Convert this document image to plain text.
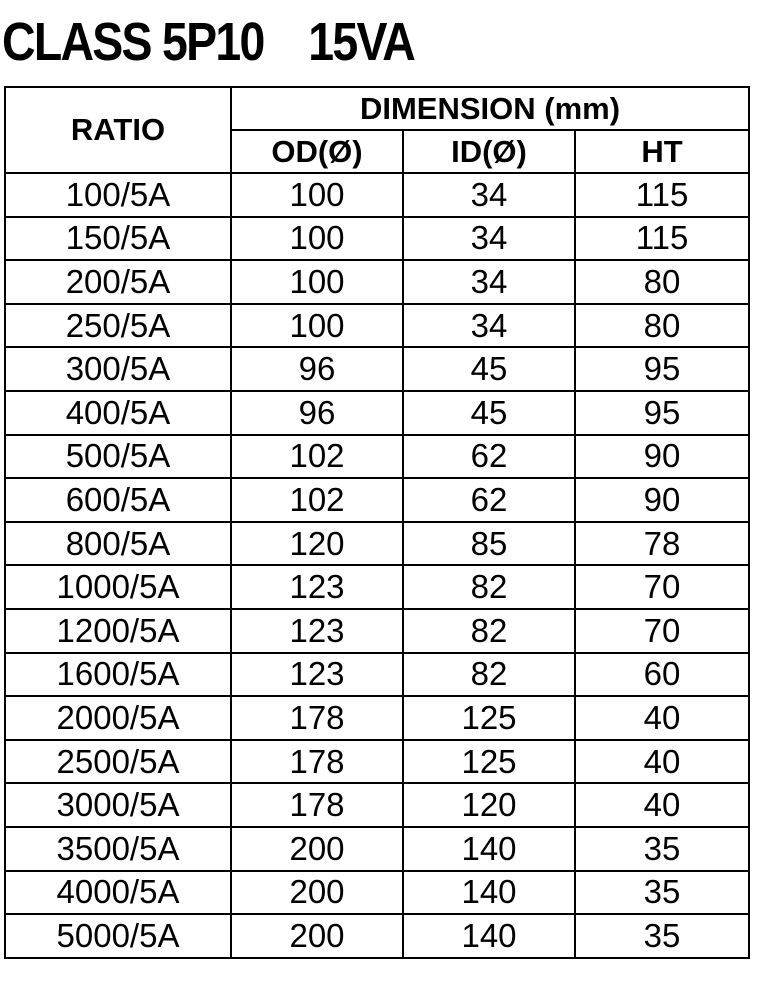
CLASS 5P10    15VA
RATIO	DIMENSION (mm)		
	OD(Ø)	ID(Ø)	HT
100/5A	100	34	115
150/5A	100	34	115
200/5A	100	34	80
250/5A	100	34	80
300/5A	96	45	95
400/5A	96	45	95
500/5A	102	62	90
600/5A	102	62	90
800/5A	120	85	78
1000/5A	123	82	70
1200/5A	123	82	70
1600/5A	123	82	60
2000/5A	178	125	40
2500/5A	178	125	40
3000/5A	178	120	40
3500/5A	200	140	35
4000/5A	200	140	35
5000/5A	200	140	35
